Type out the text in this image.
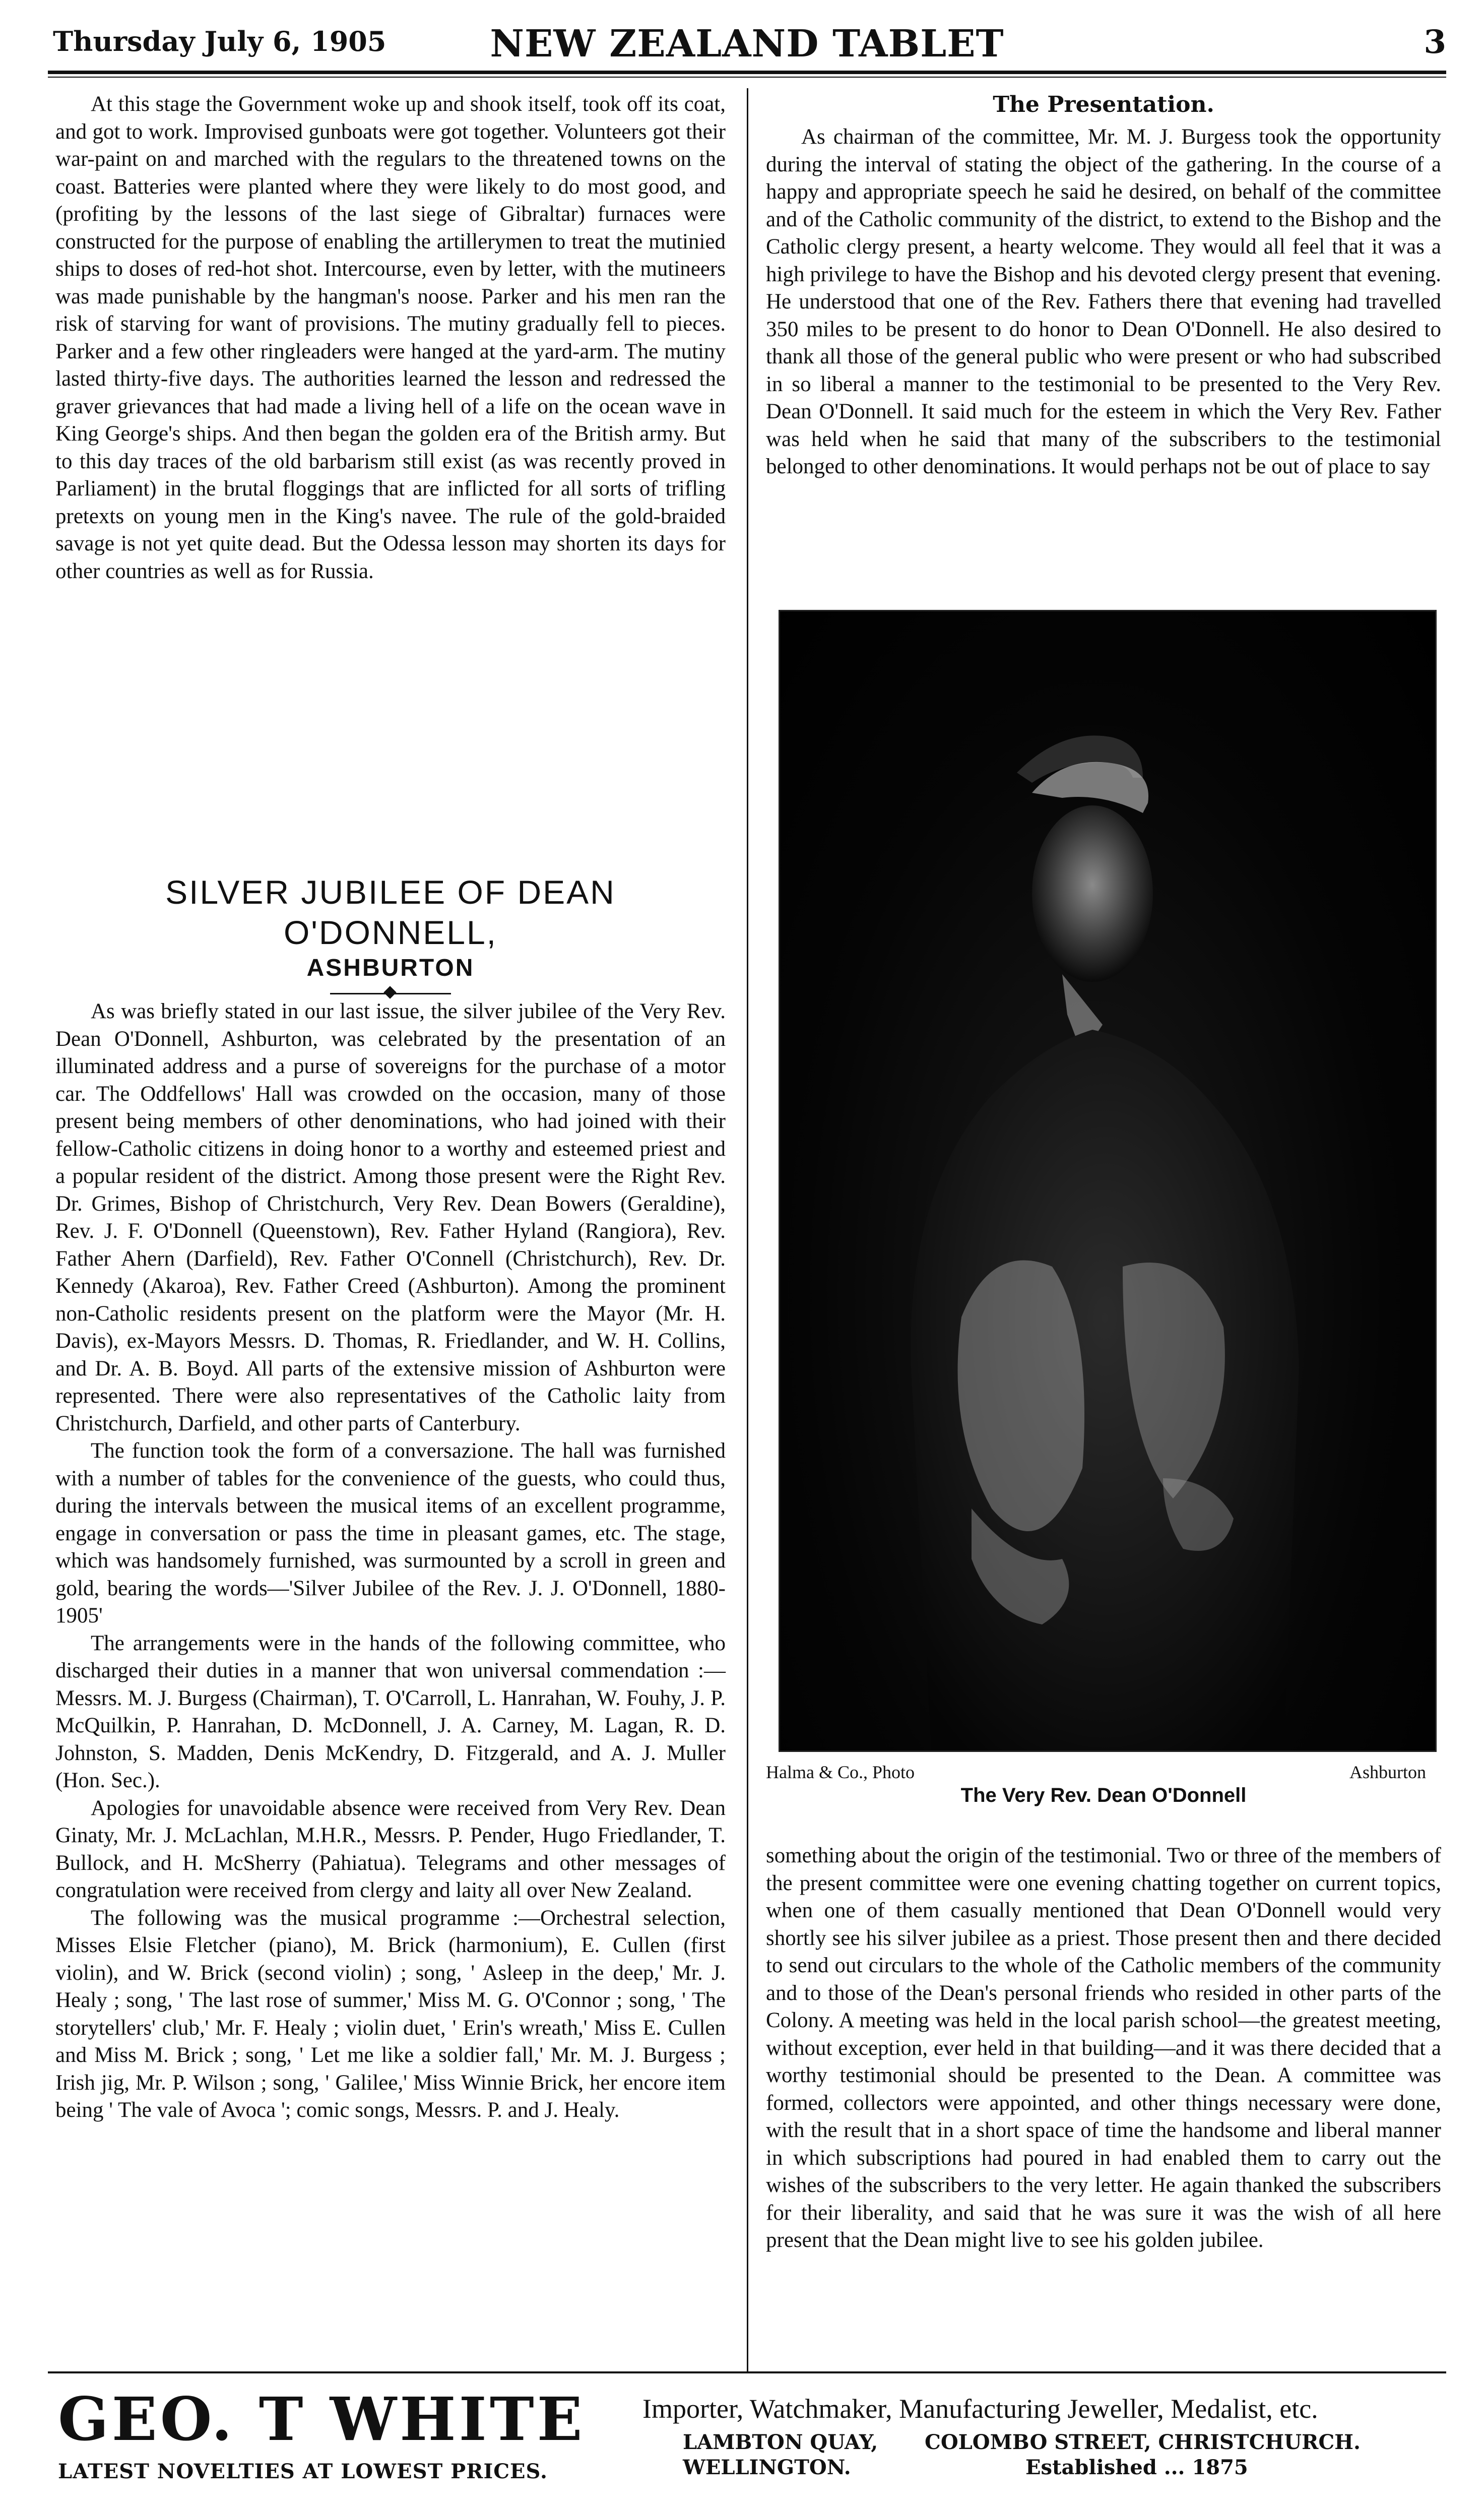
Thursday July 6, 1905	NEW ZEALAND TABLET	3

At this stage the Government woke up and shook itself, took off its coat, and got to work. Improvised gunboats were got together. Volunteers got their war-paint on and marched with the regulars to the threatened towns on the coast. Batteries were planted where they were likely to do most good, and (profiting by the lessons of the last siege of Gibraltar) furnaces were constructed for the purpose of enabling the artillerymen to treat the mutinied ships to doses of red-hot shot. Intercourse, even by letter, with the mutineers was made punishable by the hangman's noose. Parker and his men ran the risk of starving for want of provisions. The mutiny gradually fell to pieces. Parker and a few other ringleaders were hanged at the yard-arm. The mutiny lasted thirty-five days. The authorities learned the lesson and redressed the graver grievances that had made a living hell of a life on the ocean wave in King George's ships. And then began the golden era of the British army. But to this day traces of the old barbarism still exist (as was recently proved in Parliament) in the brutal floggings that are inflicted for all sorts of trifling pretexts on young men in the King's navee. The rule of the gold-braided savage is not yet quite dead. But the Odessa lesson may shorten its days for other countries as well as for Russia.

SILVER JUBILEE OF DEAN O'DONNELL,
ASHBURTON

As was briefly stated in our last issue, the silver jubilee of the Very Rev. Dean O'Donnell, Ashburton, was celebrated by the presentation of an illuminated address and a purse of sovereigns for the purchase of a motor car. The Oddfellows' Hall was crowded on the occasion, many of those present being members of other denominations, who had joined with their fellow-Catholic citizens in doing honor to a worthy and esteemed priest and a popular resident of the district. Among those present were the Right Rev. Dr. Grimes, Bishop of Christchurch, Very Rev. Dean Bowers (Geraldine), Rev. J. F. O'Donnell (Queenstown), Rev. Father Hyland (Rangiora), Rev. Father Ahern (Darfield), Rev. Father O'Connell (Christchurch), Rev. Dr. Kennedy (Akaroa), Rev. Father Creed (Ashburton). Among the prominent non-Catholic residents present on the platform were the Mayor (Mr. H. Davis), ex-Mayors Messrs. D. Thomas, R. Friedlander, and W. H. Collins, and Dr. A. B. Boyd. All parts of the extensive mission of Ashburton were represented. There were also representatives of the Catholic laity from Christchurch, Darfield, and other parts of Canterbury.

The function took the form of a conversazione. The hall was furnished with a number of tables for the convenience of the guests, who could thus, during the intervals between the musical items of an excellent programme, engage in conversation or pass the time in pleasant games, etc. The stage, which was handsomely furnished, was surmounted by a scroll in green and gold, bearing the words—'Silver Jubilee of the Rev. J. J. O'Donnell, 1880-1905'

The arrangements were in the hands of the following committee, who discharged their duties in a manner that won universal commendation :—Messrs. M. J. Burgess (Chairman), T. O'Carroll, L. Hanrahan, W. Fouhy, J. P. McQuilkin, P. Hanrahan, D. McDonnell, J. A. Carney, M. Lagan, R. D. Johnston, S. Madden, Denis McKendry, D. Fitzgerald, and A. J. Muller (Hon. Sec.).

Apologies for unavoidable absence were received from Very Rev. Dean Ginaty, Mr. J. McLachlan, M.H.R., Messrs. P. Pender, Hugo Friedlander, T. Bullock, and H. McSherry (Pahiatua). Telegrams and other messages of congratulation were received from clergy and laity all over New Zealand.

The following was the musical programme :—Orchestral selection, Misses Elsie Fletcher (piano), M. Brick (harmonium), E. Cullen (first violin), and W. Brick (second violin) ; song, ' Asleep in the deep,' Mr. J. Healy ; song, ' The last rose of summer,' Miss M. G. O'Connor ; song, ' The storytellers' club,' Mr. F. Healy ; violin duet, ' Erin's wreath,' Miss E. Cullen and Miss M. Brick ; song, ' Let me like a soldier fall,' Mr. M. J. Burgess ; Irish jig, Mr. P. Wilson ; song, ' Galilee,' Miss Winnie Brick, her encore item being ' The vale of Avoca '; comic songs, Messrs. P. and J. Healy.

The Presentation.

As chairman of the committee, Mr. M. J. Burgess took the opportunity during the interval of stating the object of the gathering. In the course of a happy and appropriate speech he said he desired, on behalf of the committee and of the Catholic community of the district, to extend to the Bishop and the Catholic clergy present, a hearty welcome. They would all feel that it was a high privilege to have the Bishop and his devoted clergy present that evening. He understood that one of the Rev. Fathers there that evening had travelled 350 miles to be present to do honor to Dean O'Donnell. He also desired to thank all those of the general public who were present or who had subscribed in so liberal a manner to the testimonial to be presented to the Very Rev. Dean O'Donnell. It said much for the esteem in which the Very Rev. Father was held when he said that many of the subscribers to the testimonial belonged to other denominations. It would perhaps not be out of place to say

Halma & Co., Photo	Ashburton
The Very Rev. Dean O'Donnell

something about the origin of the testimonial. Two or three of the members of the present committee were one evening chatting together on current topics, when one of them casually mentioned that Dean O'Donnell would very shortly see his silver jubilee as a priest. Those present then and there decided to send out circulars to the whole of the Catholic members of the community and to those of the Dean's personal friends who resided in other parts of the Colony. A meeting was held in the local parish school—the greatest meeting, without exception, ever held in that building—and it was there decided that a worthy testimonial should be presented to the Dean. A committee was formed, collectors were appointed, and other things necessary were done, with the result that in a short space of time the handsome and liberal manner in which subscriptions had poured in had enabled them to carry out the wishes of the subscribers to the very letter. He again thanked the subscribers for their liberality, and said that he was sure it was the wish of all here present that the Dean might live to see his golden jubilee.

GEO. T WHITE
LATEST NOVELTIES AT LOWEST PRICES.
Importer, Watchmaker, Manufacturing Jeweller, Medalist, etc.
LAMBTON QUAY,
WELLINGTON.
COLOMBO STREET, CHRISTCHURCH.
Established ... 1875
